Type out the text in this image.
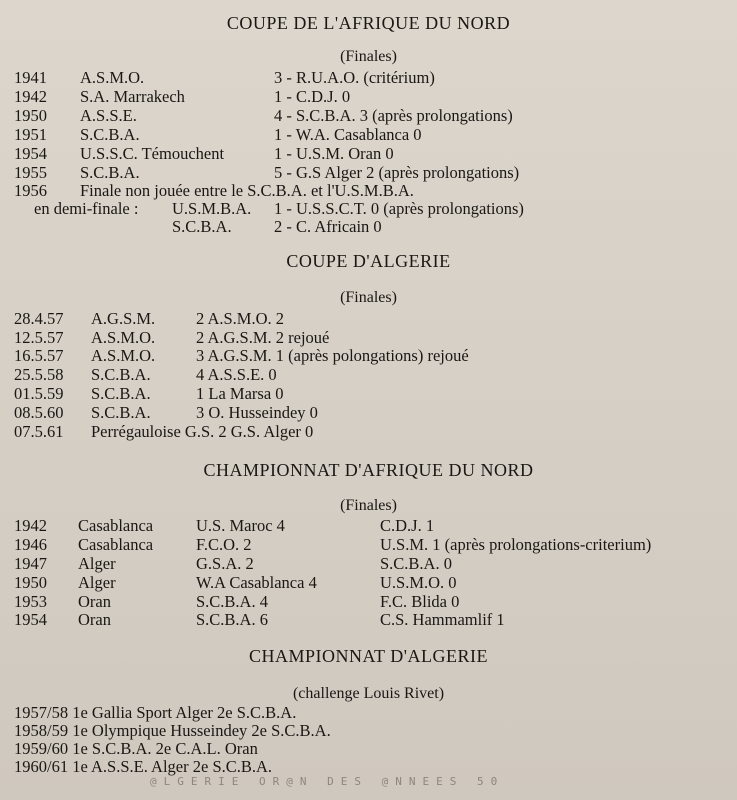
COUPE DE L'AFRIQUE DU NORD
(Finales)
1941 A.S.M.O.	3 - R.U.A.O. (critérium)
1942 S.A. Marrakech	1 - C.D.J. 0
1950 A.S.S.E.	4 - S.C.B.A. 3 (après prolongations)
1951 S.C.B.A.	1 - W.A. Casablanca 0
1954 U.S.S.C. Témouchent	1 - U.S.M. Oran 0
1955 S.C.B.A.	5 - G.S Alger 2 (après prolongations)
1956 Finale non jouée entre le S.C.B.A. et l'U.S.M.B.A.
en demi-finale : U.S.M.B.A. 1 - U.S.S.C.T. 0 (après prolongations)
S.C.B.A.	2 - C. Africain 0
COUPE D'ALGERIE
(Finales)
28.4.57 A.G.S.M. 2 A.S.M.O. 2
12.5.57 A.S.M.O. 2 A.G.S.M. 2 rejoué
16.5.57 A.S.M.O. 3 A.G.S.M. 1 (après polongations) rejoué
25.5.58 S.C.B.A.	4 A.S.S.E. 0
01.5.59 S.C.B.A.	1 La Marsa 0
08.5.60 S.C.B.A.	3 O. Husseindey 0
07.5.61 Perrégauloise G.S. 2 G.S. Alger 0
CHAMPIONNAT D'AFRIQUE DU NORD
(Finales)
1942 Casablanca	U.S. Maroc 4	C.D.J. 1
1946 Casablanca	F.C.O. 2	U.S.M. 1 (après prolongations-criterium)
1947 Alger	G.S.A. 2	S.C.B.A. 0
1950 Alger	W.A Casablanca 4	U.S.M.O. 0
1953 Oran	S.C.B.A. 4	F.C. Blida 0
1954 Oran	S.C.B.A. 6	C.S. Hammamlif 1
CHAMPIONNAT D'ALGERIE
(challenge Louis Rivet)
1957/58 1e Gallia Sport Alger 2e S.C.B.A.
1958/59 1e Olympique Husseindey 2e S.C.B.A.
1959/60 1e S.C.B.A. 2e C.A.L. Oran
1960/61 1e A.S.S.E. Alger 2e S.C.B.A.
@LGERIE OR@N DES @NNEES 50
